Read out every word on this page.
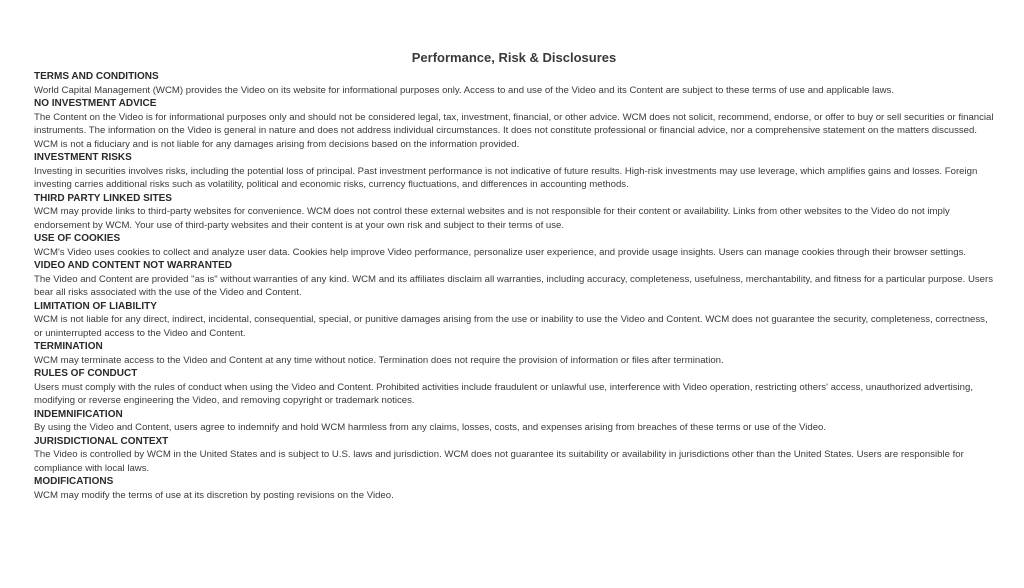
Performance, Risk & Disclosures
TERMS AND CONDITIONS

World Capital Management (WCM) provides the Video on its website for informational purposes only. Access to and use of the Video and its Content are subject to these terms of use and applicable laws.

NO INVESTMENT ADVICE

The Content on the Video is for informational purposes only and should not be considered legal, tax, investment, financial, or other advice. WCM does not solicit, recommend, endorse, or offer to buy or sell securities or financial instruments. The information on the Video is general in nature and does not address individual circumstances. It does not constitute professional or financial advice, nor a comprehensive statement on the matters discussed. WCM is not a fiduciary and is not liable for any damages arising from decisions based on the information provided.

INVESTMENT RISKS

Investing in securities involves risks, including the potential loss of principal. Past investment performance is not indicative of future results. High-risk investments may use leverage, which amplifies gains and losses. Foreign investing carries additional risks such as volatility, political and economic risks, currency fluctuations, and differences in accounting methods.

THIRD PARTY LINKED SITES

WCM may provide links to third-party websites for convenience. WCM does not control these external websites and is not responsible for their content or availability. Links from other websites to the Video do not imply endorsement by WCM. Your use of third-party websites and their content is at your own risk and subject to their terms of use.

USE OF COOKIES

WCM's Video uses cookies to collect and analyze user data. Cookies help improve Video performance, personalize user experience, and provide usage insights. Users can manage cookies through their browser settings.

VIDEO AND CONTENT NOT WARRANTED

The Video and Content are provided "as is" without warranties of any kind. WCM and its affiliates disclaim all warranties, including accuracy, completeness, usefulness, merchantability, and fitness for a particular purpose. Users bear all risks associated with the use of the Video and Content.

LIMITATION OF LIABILITY

WCM is not liable for any direct, indirect, incidental, consequential, special, or punitive damages arising from the use or inability to use the Video and Content. WCM does not guarantee the security, completeness, correctness, or uninterrupted access to the Video and Content.

TERMINATION

WCM may terminate access to the Video and Content at any time without notice. Termination does not require the provision of information or files after termination.

RULES OF CONDUCT

Users must comply with the rules of conduct when using the Video and Content. Prohibited activities include fraudulent or unlawful use, interference with Video operation, restricting others' access, unauthorized advertising, modifying or reverse engineering the Video, and removing copyright or trademark notices.

INDEMNIFICATION

By using the Video and Content, users agree to indemnify and hold WCM harmless from any claims, losses, costs, and expenses arising from breaches of these terms or use of the Video.

JURISDICTIONAL CONTEXT

The Video is controlled by WCM in the United States and is subject to U.S. laws and jurisdiction. WCM does not guarantee its suitability or availability in jurisdictions other than the United States. Users are responsible for compliance with local laws.

MODIFICATIONS

WCM may modify the terms of use at its discretion by posting revisions on the Video.
